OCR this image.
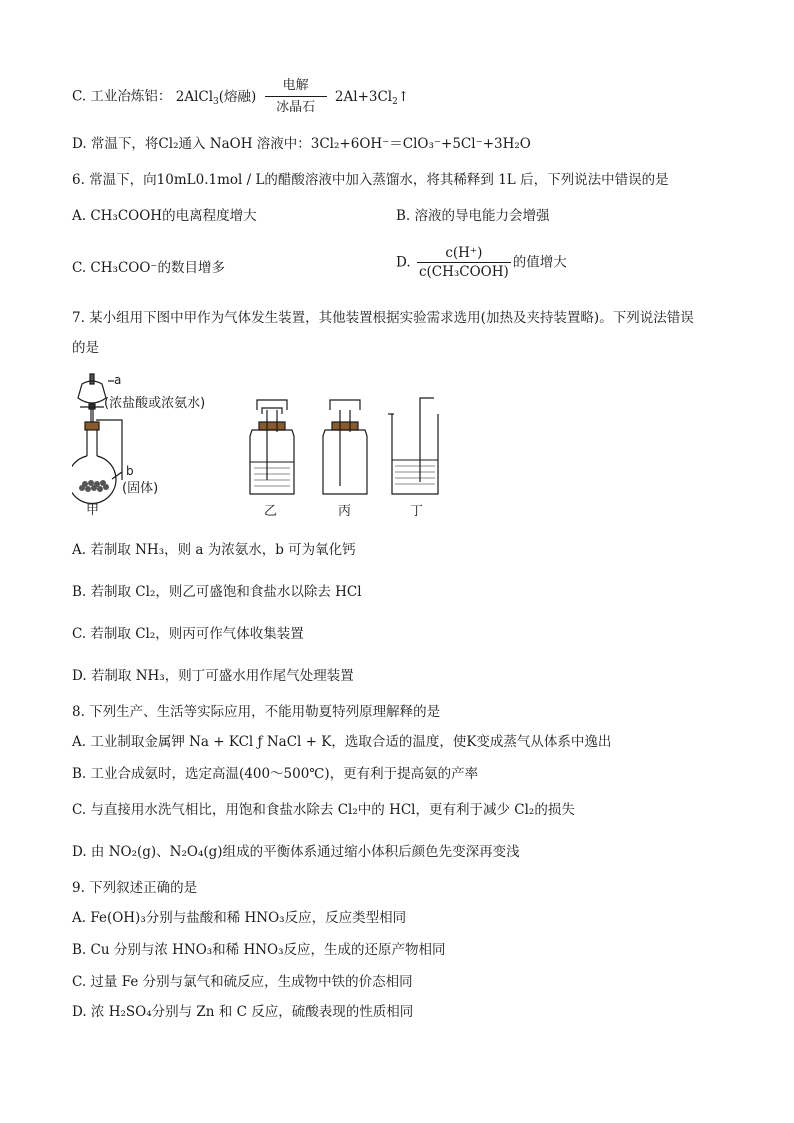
C. 工业冶炼铝： 2AlCl$_3$(熔融)
电解
冰晶石
$2Al+3Cl_2↑$
D. 常温下，将Cl₂通入 NaOH 溶液中：3Cl₂+6OH⁻＝ClO₃⁻+5Cl⁻+3H₂O
6. 常温下，向10mL0.1mol / L的醋酸溶液中加入蒸馏水，将其稀释到 1L 后，下列说法中错误的是
A. CH₃COOH的电离程度增大	B. 溶液的导电能力会增强
C. CH₃COO⁻的数目增多	D. $\frac{c(H^+)}{\text{c(CH₃COOH)}}$ 的值增大
7. 某小组用下图中甲作为气体发生装置，其他装置根据实验需求选用(加热及夹持装置略)。下列说法错误
的是
a
(浓盐酸或浓氨水)
b
(固体)
甲	乙	丙	丁
A. 若制取 NH₃，则 a 为浓氨水，b 可为氧化钙
B. 若制取 Cl₂，则乙可盛饱和食盐水以除去 HCl
C. 若制取 Cl₂，则丙可作气体收集装置
D. 若制取 NH₃，则丁可盛水用作尾气处理装置
8. 下列生产、生活等实际应用，不能用勒夏特列原理解释的是
A. 工业制取金属钾 Na + KCl ƒ NaCl + K，选取合适的温度，使K变成蒸气从体系中逸出
B. 工业合成氨时，选定高温(400～500℃)，更有利于提高氨的产率
C. 与直接用水洗气相比，用饱和食盐水除去 Cl₂中的 HCl，更有利于减少 Cl₂的损失
D. 由 NO₂(g)、N₂O₄(g)组成的平衡体系通过缩小体积后颜色先变深再变浅
9. 下列叙述正确的是
A. Fe(OH)₃分别与盐酸和稀 HNO₃反应，反应类型相同
B. Cu 分别与浓 HNO₃和稀 HNO₃反应，生成的还原产物相同
C. 过量 Fe 分别与氯气和硫反应，生成物中铁的价态相同
D. 浓 H₂SO₄分别与 Zn 和 C 反应，硫酸表现的性质相同
